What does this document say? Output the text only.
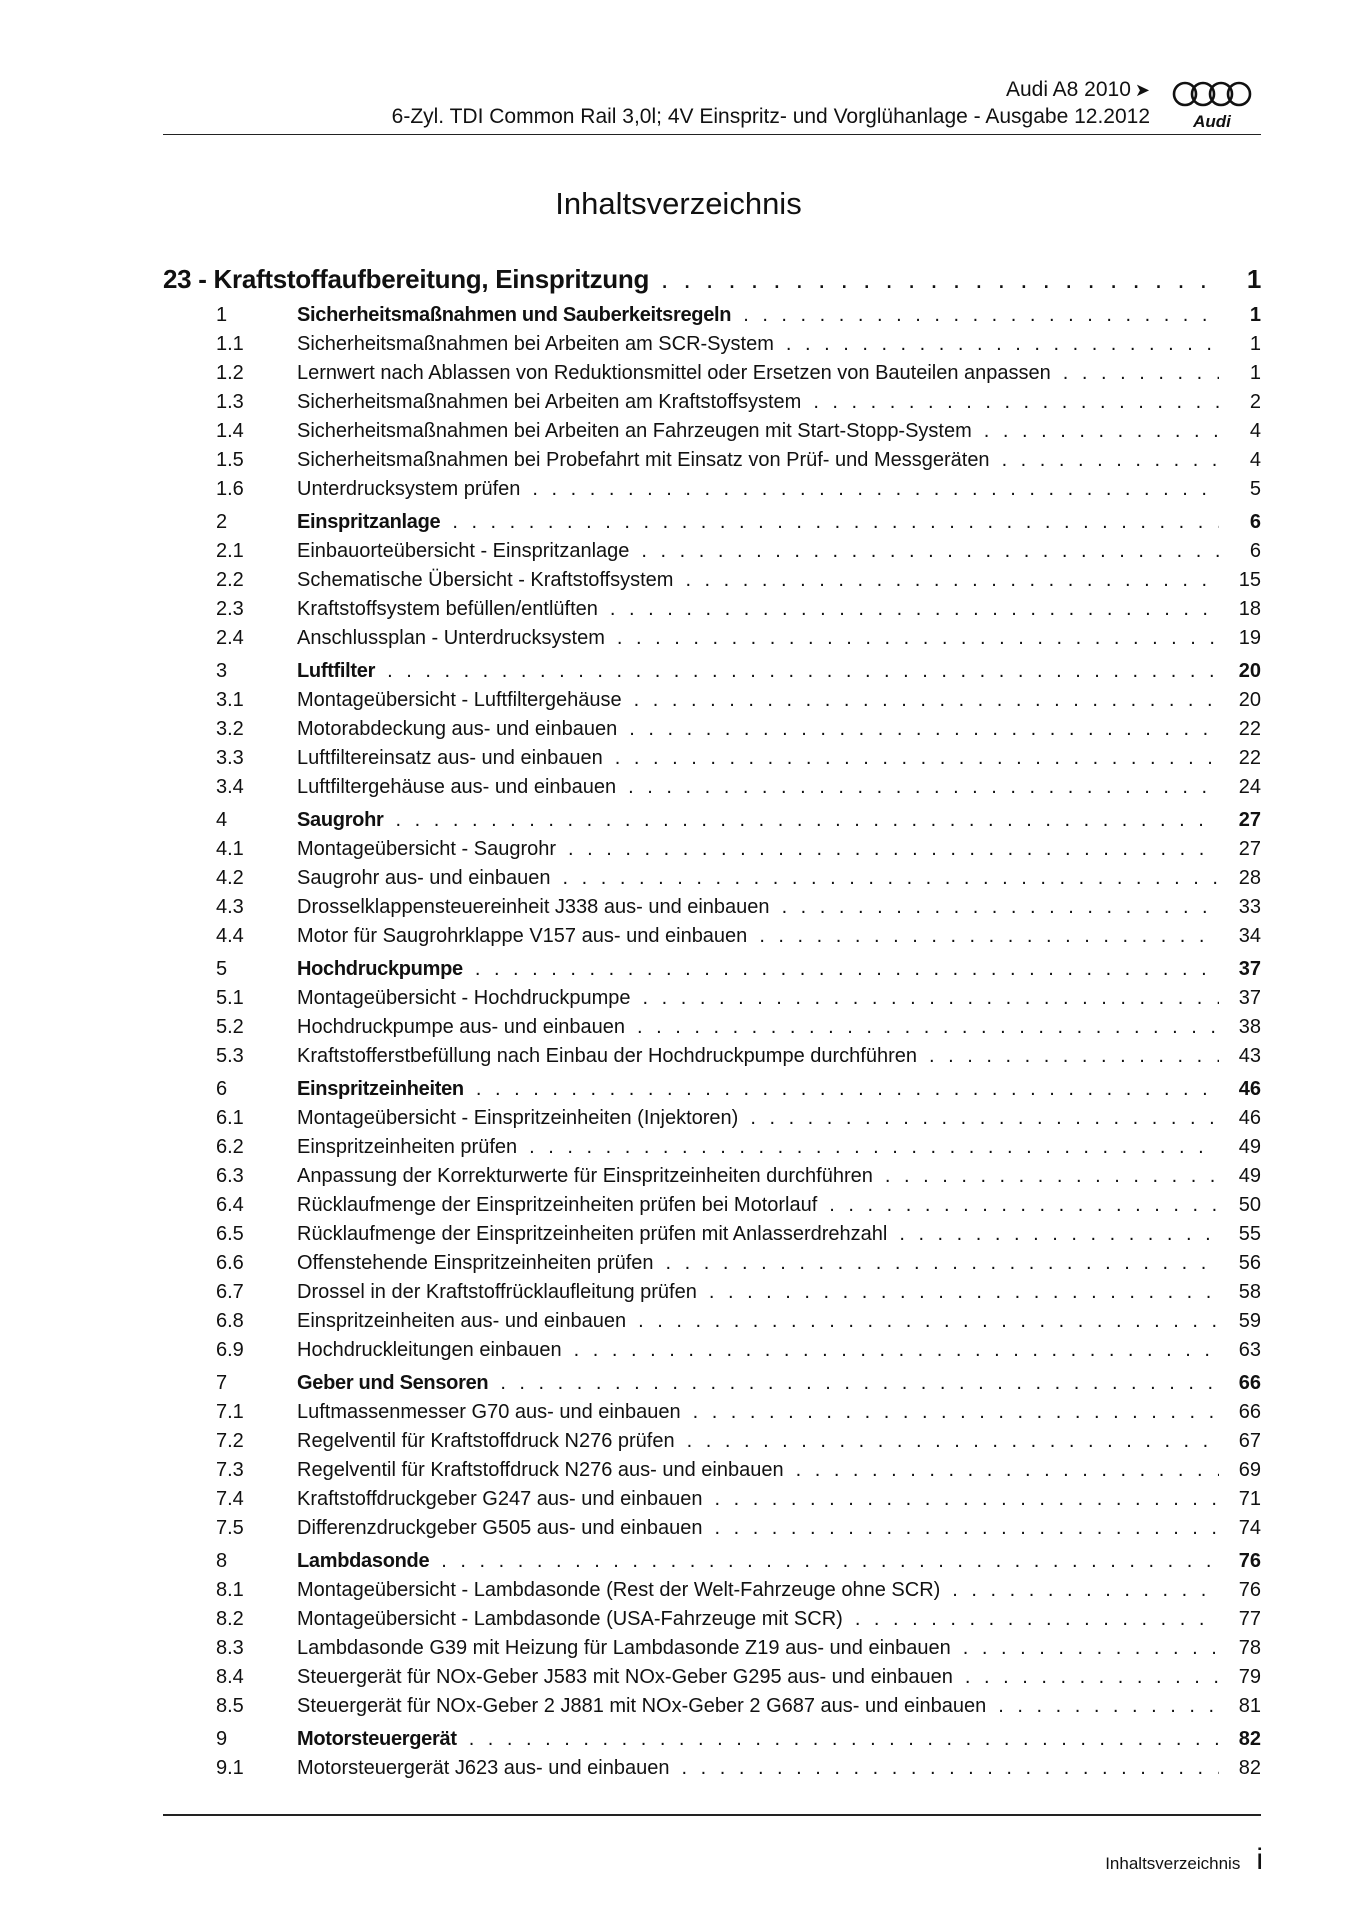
Audi A8 2010 ➤
6-Zyl. TDI Common Rail 3,0l; 4V Einspritz- und Vorglühanlage - Ausgabe 12.2012	Audi
Inhaltsverzeichnis
23 - Kraftstoffaufbereitung, Einspritzung . . .	1
1	Sicherheitsmaßnahmen und Sauberkeitsregeln . . .	1
1.1	Sicherheitsmaßnahmen bei Arbeiten am SCR-System . . .	1
1.2	Lernwert nach Ablassen von Reduktionsmittel oder Ersetzen von Bauteilen anpassen . . .	1
1.3	Sicherheitsmaßnahmen bei Arbeiten am Kraftstoffsystem . . .	2
1.4	Sicherheitsmaßnahmen bei Arbeiten an Fahrzeugen mit Start-Stopp-System . . .	4
1.5	Sicherheitsmaßnahmen bei Probefahrt mit Einsatz von Prüf- und Messgeräten . . .	4
1.6	Unterdrucksystem prüfen . . .	5
2	Einspritzanlage . . .	6
2.1	Einbauorteübersicht - Einspritzanlage . . .	6
2.2	Schematische Übersicht - Kraftstoffsystem . . .	15
2.3	Kraftstoffsystem befüllen/entlüften . . .	18
2.4	Anschlussplan - Unterdrucksystem . . .	19
3	Luftfilter . . .	20
3.1	Montageübersicht - Luftfiltergehäuse . . .	20
3.2	Motorabdeckung aus- und einbauen . . .	22
3.3	Luftfiltereinsatz aus- und einbauen . . .	22
3.4	Luftfiltergehäuse aus- und einbauen . . .	24
4	Saugrohr . . .	27
4.1	Montageübersicht - Saugrohr . . .	27
4.2	Saugrohr aus- und einbauen . . .	28
4.3	Drosselklappensteuereinheit J338 aus- und einbauen . . .	33
4.4	Motor für Saugrohrklappe V157 aus- und einbauen . . .	34
5	Hochdruckpumpe . . .	37
5.1	Montageübersicht - Hochdruckpumpe . . .	37
5.2	Hochdruckpumpe aus- und einbauen . . .	38
5.3	Kraftstofferstbefüllung nach Einbau der Hochdruckpumpe durchführen . . .	43
6	Einspritzeinheiten . . .	46
6.1	Montageübersicht - Einspritzeinheiten (Injektoren) . . .	46
6.2	Einspritzeinheiten prüfen . . .	49
6.3	Anpassung der Korrekturwerte für Einspritzeinheiten durchführen . . .	49
6.4	Rücklaufmenge der Einspritzeinheiten prüfen bei Motorlauf . . .	50
6.5	Rücklaufmenge der Einspritzeinheiten prüfen mit Anlasserdrehzahl . . .	55
6.6	Offenstehende Einspritzeinheiten prüfen . . .	56
6.7	Drossel in der Kraftstoffrücklaufleitung prüfen . . .	58
6.8	Einspritzeinheiten aus- und einbauen . . .	59
6.9	Hochdruckleitungen einbauen . . .	63
7	Geber und Sensoren . . .	66
7.1	Luftmassenmesser G70 aus- und einbauen . . .	66
7.2	Regelventil für Kraftstoffdruck N276 prüfen . . .	67
7.3	Regelventil für Kraftstoffdruck N276 aus- und einbauen . . .	69
7.4	Kraftstoffdruckgeber G247 aus- und einbauen . . .	71
7.5	Differenzdruckgeber G505 aus- und einbauen . . .	74
8	Lambdasonde . . .	76
8.1	Montageübersicht - Lambdasonde (Rest der Welt-Fahrzeuge ohne SCR) . . .	76
8.2	Montageübersicht - Lambdasonde (USA-Fahrzeuge mit SCR) . . .	77
8.3	Lambdasonde G39 mit Heizung für Lambdasonde Z19 aus- und einbauen . . .	78
8.4	Steuergerät für NOx-Geber J583 mit NOx-Geber G295 aus- und einbauen . . .	79
8.5	Steuergerät für NOx-Geber 2 J881 mit NOx-Geber 2 G687 aus- und einbauen . . .	81
9	Motorsteuergerät . . .	82
9.1	Motorsteuergerät J623 aus- und einbauen . . .	82
Inhaltsverzeichnis i
